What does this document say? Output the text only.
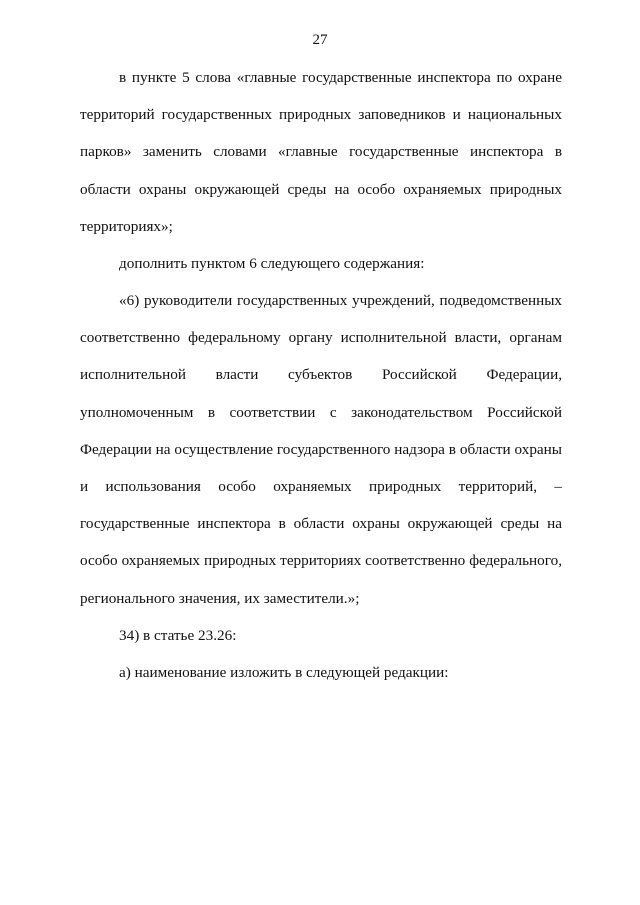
27

в пункте 5 слова «главные государственные инспектора по охране

территорий государственных природных заповедников и национальных

парков» заменить словами «главные государственные инспектора в

области охраны окружающей среды на особо охраняемых природных

территориях»;

дополнить пунктом 6 следующего содержания:

«6) руководители государственных учреждений, подведомственных

соответственно федеральному органу исполнительной власти, органам

исполнительной власти субъектов Российской Федерации,

уполномоченным в соответствии с законодательством Российской

Федерации на осуществление государственного надзора в области охраны

и использования особо охраняемых природных территорий, –

государственные инспектора в области охраны окружающей среды на

особо охраняемых природных территориях соответственно федерального,

регионального значения, их заместители.»;

34) в статье 23.26:

а) наименование изложить в следующей редакции:
